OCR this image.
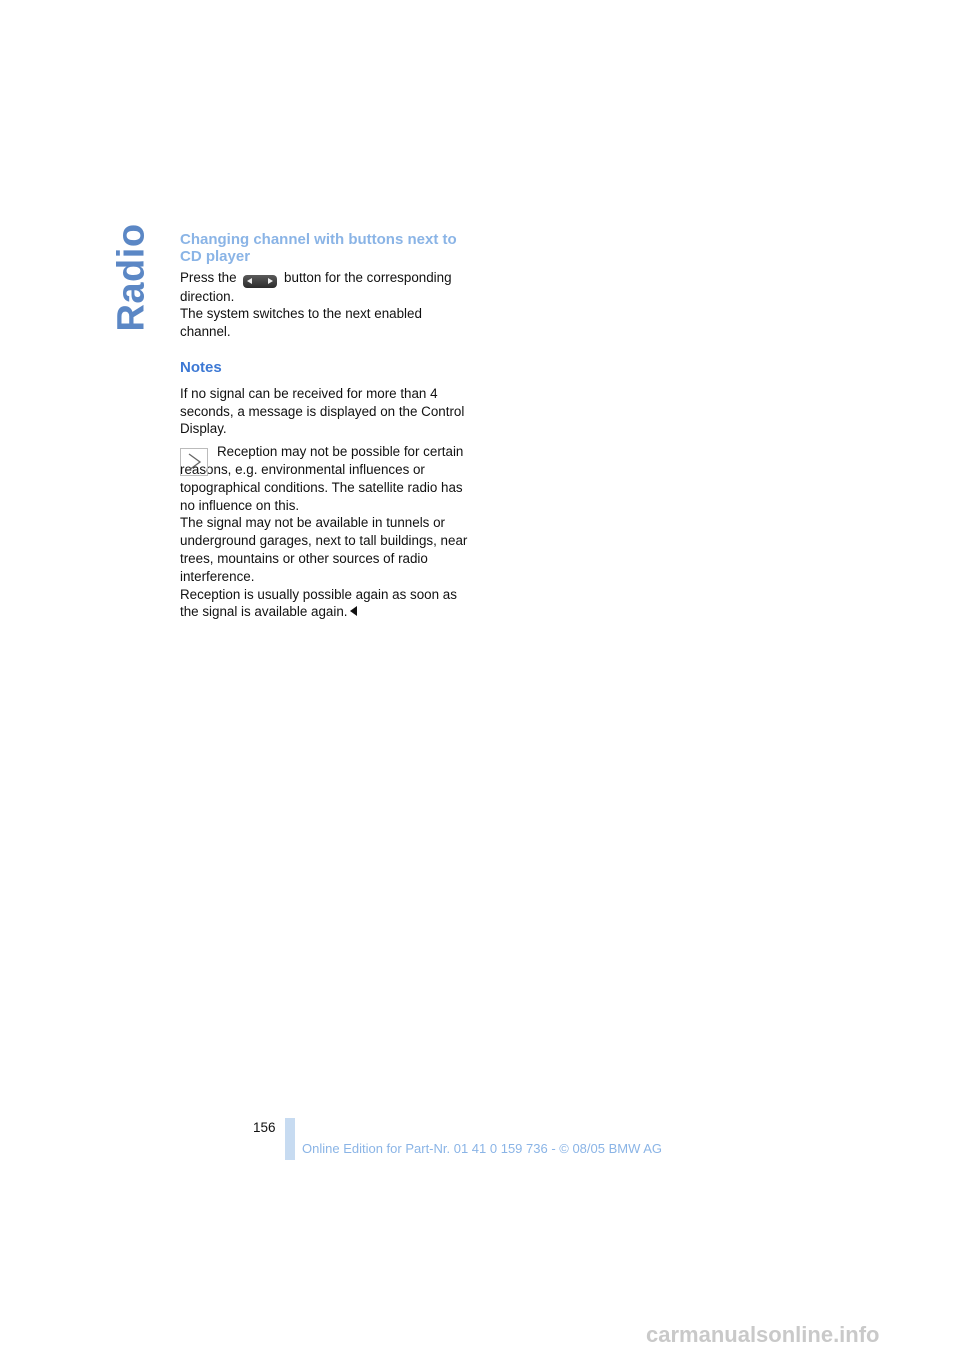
Radio Changing channel with buttons next to CD player

Press the	button for the corresponding direction.

The system switches to the next enabled channel.

Notes

If no signal can be received for more than 4 seconds, a message is displayed on the Control Display.

Reception may not be possible for certain reasons, e.g. environmental influences or topographical conditions. The satellite radio has no influence on this.

The signal may not be available in tunnels or underground garages, next to tall buildings, near trees, mountains or other sources of radio interference.

Reception is usually possible again as soon as the signal is available again.

156
Online Edition for Part-Nr. 01 41 0 159 736 - © 08/05 BMW AG
carmanualsonline.info
